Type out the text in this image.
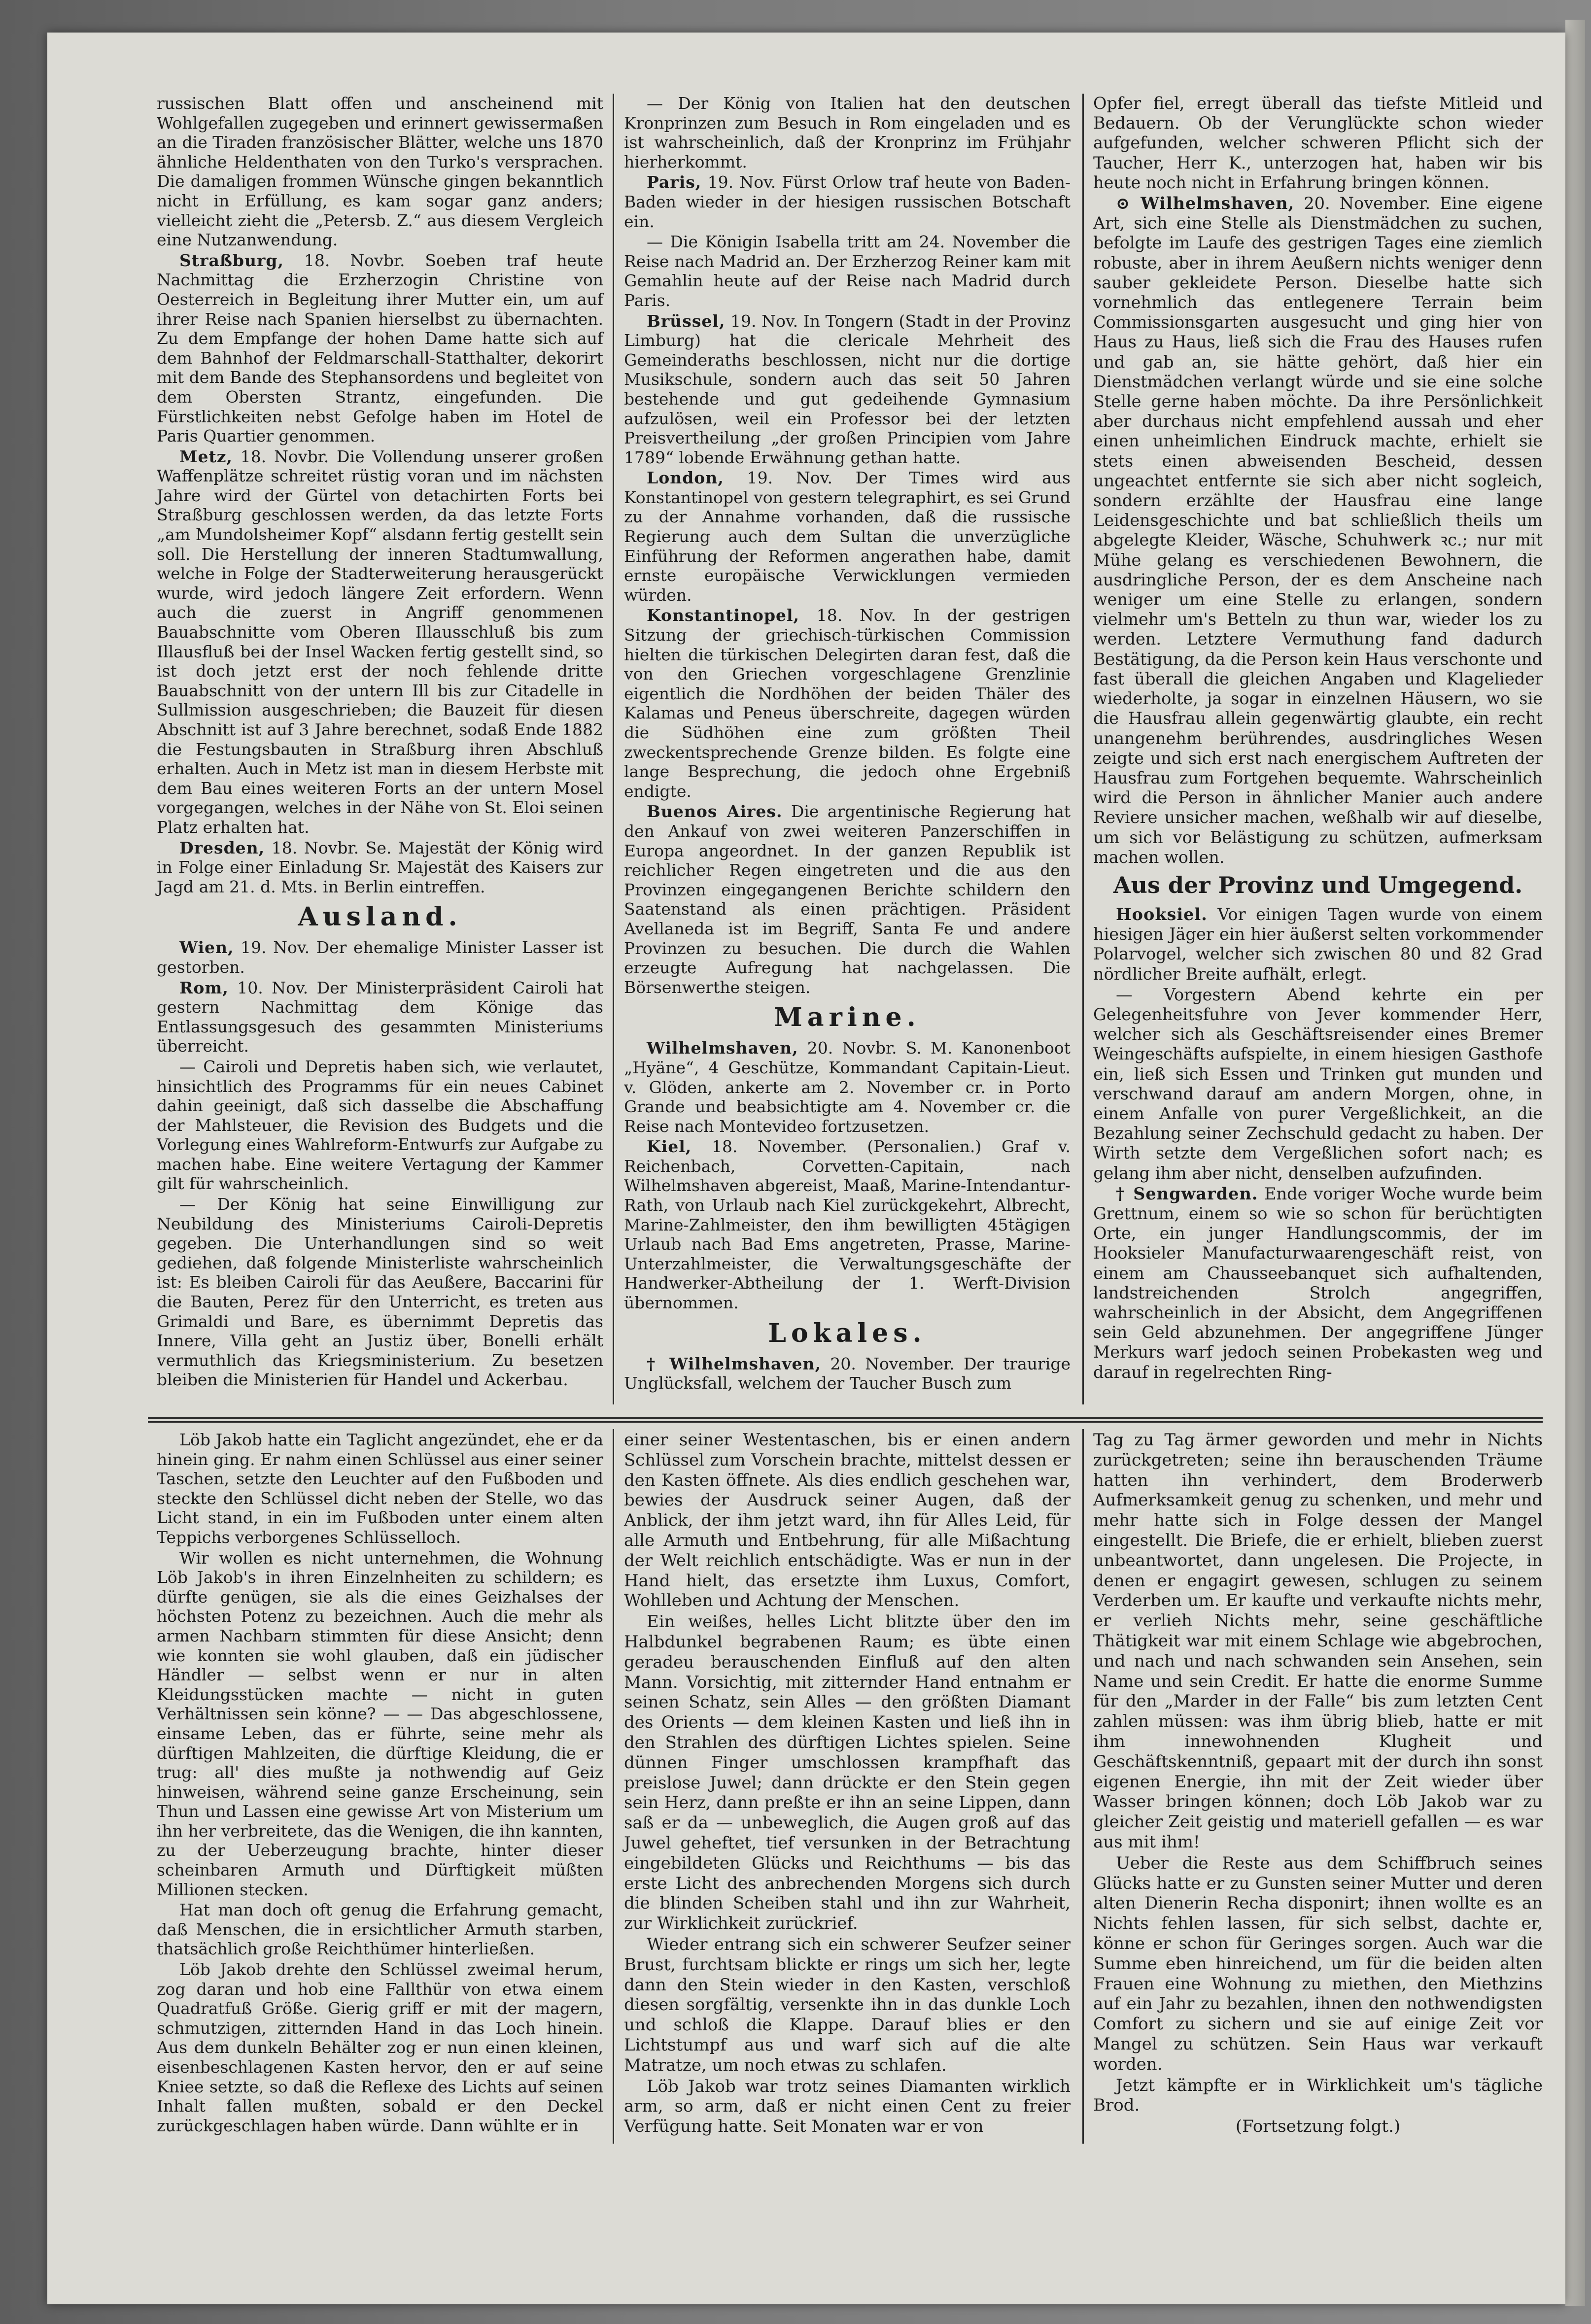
russischen Blatt offen und anscheinend mit Wohlgefallen zugegeben und erinnert gewissermaßen an die Tiraden französischer Blätter, welche uns 1870 ähnliche Heldenthaten von den Turko's versprachen. Die damaligen frommen Wünsche gingen bekanntlich nicht in Erfüllung, es kam sogar ganz anders; vielleicht zieht die „Petersb. Z.“ aus diesem Vergleich eine Nutzanwendung.

Straßburg, 18. Novbr. Soeben traf heute Nachmittag die Erzherzogin Christine von Oesterreich in Begleitung ihrer Mutter ein, um auf ihrer Reise nach Spanien hierselbst zu übernachten. Zu dem Empfange der hohen Dame hatte sich auf dem Bahnhof der Feldmarschall-Statthalter, dekorirt mit dem Bande des Stephansordens und begleitet von dem Obersten Strantz, eingefunden. Die Fürstlichkeiten nebst Gefolge haben im Hotel de Paris Quartier genommen.

Metz, 18. Novbr. Die Vollendung unserer großen Waffenplätze schreitet rüstig voran und im nächsten Jahre wird der Gürtel von detachirten Forts bei Straßburg geschlossen werden, da das letzte Forts „am Mundolsheimer Kopf“ alsdann fertig gestellt sein soll. Die Herstellung der inneren Stadtumwallung, welche in Folge der Stadterweiterung herausgerückt wurde, wird jedoch längere Zeit erfordern. Wenn auch die zuerst in Angriff genommenen Bauabschnitte vom Oberen Illausschluß bis zum Illausfluß bei der Insel Wacken fertig gestellt sind, so ist doch jetzt erst der noch fehlende dritte Bauabschnitt von der untern Ill bis zur Citadelle in Sullmission ausgeschrieben; die Bauzeit für diesen Abschnitt ist auf 3 Jahre berechnet, sodaß Ende 1882 die Festungsbauten in Straßburg ihren Abschluß erhalten. Auch in Metz ist man in diesem Herbste mit dem Bau eines weiteren Forts an der untern Mosel vorgegangen, welches in der Nähe von St. Eloi seinen Platz erhalten hat.

Dresden, 18. Novbr. Se. Majestät der König wird in Folge einer Einladung Sr. Majestät des Kaisers zur Jagd am 21. d. Mts. in Berlin eintreffen.

Ausland.

Wien, 19. Nov. Der ehemalige Minister Lasser ist gestorben.

Rom, 10. Nov. Der Ministerpräsident Cairoli hat gestern Nachmittag dem Könige das Entlassungsgesuch des gesammten Ministeriums überreicht.

— Cairoli und Depretis haben sich, wie verlautet, hinsichtlich des Programms für ein neues Cabinet dahin geeinigt, daß sich dasselbe die Abschaffung der Mahlsteuer, die Revision des Budgets und die Vorlegung eines Wahlreform-Entwurfs zur Aufgabe zu machen habe. Eine weitere Vertagung der Kammer gilt für wahrscheinlich.

— Der König hat seine Einwilligung zur Neubildung des Ministeriums Cairoli-Depretis gegeben. Die Unterhandlungen sind so weit gediehen, daß folgende Ministerliste wahrscheinlich ist: Es bleiben Cairoli für das Aeußere, Baccarini für die Bauten, Perez für den Unterricht, es treten aus Grimaldi und Bare, es übernimmt Depretis das Innere, Villa geht an Justiz über, Bonelli erhält vermuthlich das Kriegsministerium. Zu besetzen bleiben die Ministerien für Handel und Ackerbau.

— Der König von Italien hat den deutschen Kronprinzen zum Besuch in Rom eingeladen und es ist wahrscheinlich, daß der Kronprinz im Frühjahr hierherkommt.

Paris, 19. Nov. Fürst Orlow traf heute von Baden-Baden wieder in der hiesigen russischen Botschaft ein.

— Die Königin Isabella tritt am 24. November die Reise nach Madrid an. Der Erzherzog Reiner kam mit Gemahlin heute auf der Reise nach Madrid durch Paris.

Brüssel, 19. Nov. In Tongern (Stadt in der Provinz Limburg) hat die clericale Mehrheit des Gemeinderaths beschlossen, nicht nur die dortige Musikschule, sondern auch das seit 50 Jahren bestehende und gut gedeihende Gymnasium aufzulösen, weil ein Professor bei der letzten Preisvertheilung „der großen Principien vom Jahre 1789“ lobende Erwähnung gethan hatte.

London, 19. Nov. Der Times wird aus Konstantinopel von gestern telegraphirt, es sei Grund zu der Annahme vorhanden, daß die russische Regierung auch dem Sultan die unverzügliche Einführung der Reformen angerathen habe, damit ernste europäische Verwicklungen vermieden würden.

Konstantinopel, 18. Nov. In der gestrigen Sitzung der griechisch-türkischen Commission hielten die türkischen Delegirten daran fest, daß die von den Griechen vorgeschlagene Grenzlinie eigentlich die Nordhöhen der beiden Thäler des Kalamas und Peneus überschreite, dagegen würden die Südhöhen eine zum größten Theil zweckentsprechende Grenze bilden. Es folgte eine lange Besprechung, die jedoch ohne Ergebniß endigte.

Buenos Aires. Die argentinische Regierung hat den Ankauf von zwei weiteren Panzerschiffen in Europa angeordnet. In der ganzen Republik ist reichlicher Regen eingetreten und die aus den Provinzen eingegangenen Berichte schildern den Saatenstand als einen prächtigen. Präsident Avellaneda ist im Begriff, Santa Fe und andere Provinzen zu besuchen. Die durch die Wahlen erzeugte Aufregung hat nachgelassen. Die Börsenwerthe steigen.

Marine.

Wilhelmshaven, 20. Novbr. S. M. Kanonenboot „Hyäne“, 4 Geschütze, Kommandant Capitain-Lieut. v. Glöden, ankerte am 2. November cr. in Porto Grande und beabsichtigte am 4. November cr. die Reise nach Montevideo fortzusetzen.

Kiel, 18. November. (Personalien.) Graf v. Reichenbach, Corvetten-Capitain, nach Wilhelmshaven abgereist, Maaß, Marine-Intendantur-Rath, von Urlaub nach Kiel zurückgekehrt, Albrecht, Marine-Zahlmeister, den ihm bewilligten 45tägigen Urlaub nach Bad Ems angetreten, Prasse, Marine-Unterzahlmeister, die Verwaltungsgeschäfte der Handwerker-Abtheilung der 1. Werft-Division übernommen.

Lokales.

† Wilhelmshaven, 20. November. Der traurige Unglücksfall, welchem der Taucher Busch zum

Opfer fiel, erregt überall das tiefste Mitleid und Bedauern. Ob der Verunglückte schon wieder aufgefunden, welcher schweren Pflicht sich der Taucher, Herr K., unterzogen hat, haben wir bis heute noch nicht in Erfahrung bringen können.

⊙ Wilhelmshaven, 20. November. Eine eigene Art, sich eine Stelle als Dienstmädchen zu suchen, befolgte im Laufe des gestrigen Tages eine ziemlich robuste, aber in ihrem Aeußern nichts weniger denn sauber gekleidete Person. Dieselbe hatte sich vornehmlich das entlegenere Terrain beim Commissionsgarten ausgesucht und ging hier von Haus zu Haus, ließ sich die Frau des Hauses rufen und gab an, sie hätte gehört, daß hier ein Dienstmädchen verlangt würde und sie eine solche Stelle gerne haben möchte. Da ihre Persönlichkeit aber durchaus nicht empfehlend aussah und eher einen unheimlichen Eindruck machte, erhielt sie stets einen abweisenden Bescheid, dessen ungeachtet entfernte sie sich aber nicht sogleich, sondern erzählte der Hausfrau eine lange Leidensgeschichte und bat schließlich theils um abgelegte Kleider, Wäsche, Schuhwerk ꝛc.; nur mit Mühe gelang es verschiedenen Bewohnern, die ausdringliche Person, der es dem Anscheine nach weniger um eine Stelle zu erlangen, sondern vielmehr um's Betteln zu thun war, wieder los zu werden. Letztere Vermuthung fand dadurch Bestätigung, da die Person kein Haus verschonte und fast überall die gleichen Angaben und Klagelieder wiederholte, ja sogar in einzelnen Häusern, wo sie die Hausfrau allein gegenwärtig glaubte, ein recht unangenehm berührendes, ausdringliches Wesen zeigte und sich erst nach energischem Auftreten der Hausfrau zum Fortgehen bequemte. Wahrscheinlich wird die Person in ähnlicher Manier auch andere Reviere unsicher machen, weßhalb wir auf dieselbe, um sich vor Belästigung zu schützen, aufmerksam machen wollen.

Aus der Provinz und Umgegend.

Hooksiel. Vor einigen Tagen wurde von einem hiesigen Jäger ein hier äußerst selten vorkommender Polarvogel, welcher sich zwischen 80 und 82 Grad nördlicher Breite aufhält, erlegt.

— Vorgestern Abend kehrte ein per Gelegenheitsfuhre von Jever kommender Herr, welcher sich als Geschäftsreisender eines Bremer Weingeschäfts aufspielte, in einem hiesigen Gasthofe ein, ließ sich Essen und Trinken gut munden und verschwand darauf am andern Morgen, ohne, in einem Anfalle von purer Vergeßlichkeit, an die Bezahlung seiner Zechschuld gedacht zu haben. Der Wirth setzte dem Vergeßlichen sofort nach; es gelang ihm aber nicht, denselben aufzufinden.

† Sengwarden. Ende voriger Woche wurde beim Grettnum, einem so wie so schon für berüchtigten Orte, ein junger Handlungscommis, der im Hooksieler Manufacturwaarengeschäft reist, von einem am Chausseebanquet sich aufhaltenden, landstreichenden Strolch angegriffen, wahrscheinlich in der Absicht, dem Angegriffenen sein Geld abzunehmen. Der angegriffene Jünger Merkurs warf jedoch seinen Probekasten weg und darauf in regelrechten Ring-

Löb Jakob hatte ein Taglicht angezündet, ehe er da hinein ging. Er nahm einen Schlüssel aus einer seiner Taschen, setzte den Leuchter auf den Fußboden und steckte den Schlüssel dicht neben der Stelle, wo das Licht stand, in ein im Fußboden unter einem alten Teppichs verborgenes Schlüsselloch.

Wir wollen es nicht unternehmen, die Wohnung Löb Jakob's in ihren Einzelnheiten zu schildern; es dürfte genügen, sie als die eines Geizhalses der höchsten Potenz zu bezeichnen. Auch die mehr als armen Nachbarn stimmten für diese Ansicht; denn wie konnten sie wohl glauben, daß ein jüdischer Händler — selbst wenn er nur in alten Kleidungsstücken machte — nicht in guten Verhältnissen sein könne? — — Das abgeschlossene, einsame Leben, das er führte, seine mehr als dürftigen Mahlzeiten, die dürftige Kleidung, die er trug: all' dies mußte ja nothwendig auf Geiz hinweisen, während seine ganze Erscheinung, sein Thun und Lassen eine gewisse Art von Misterium um ihn her verbreitete, das die Wenigen, die ihn kannten, zu der Ueberzeugung brachte, hinter dieser scheinbaren Armuth und Dürftigkeit müßten Millionen stecken.

Hat man doch oft genug die Erfahrung gemacht, daß Menschen, die in ersichtlicher Armuth starben, thatsächlich große Reichthümer hinterließen.

Löb Jakob drehte den Schlüssel zweimal herum, zog daran und hob eine Fallthür von etwa einem Quadratfuß Größe. Gierig griff er mit der magern, schmutzigen, zitternden Hand in das Loch hinein. Aus dem dunkeln Behälter zog er nun einen kleinen, eisenbeschlagenen Kasten hervor, den er auf seine Kniee setzte, so daß die Reflexe des Lichts auf seinen Inhalt fallen mußten, sobald er den Deckel zurückgeschlagen haben würde. Dann wühlte er in

einer seiner Westentaschen, bis er einen andern Schlüssel zum Vorschein brachte, mittelst dessen er den Kasten öffnete. Als dies endlich geschehen war, bewies der Ausdruck seiner Augen, daß der Anblick, der ihm jetzt ward, ihn für Alles Leid, für alle Armuth und Entbehrung, für alle Mißachtung der Welt reichlich entschädigte. Was er nun in der Hand hielt, das ersetzte ihm Luxus, Comfort, Wohlleben und Achtung der Menschen.

Ein weißes, helles Licht blitzte über den im Halbdunkel begrabenen Raum; es übte einen geradeu berauschenden Einfluß auf den alten Mann. Vorsichtig, mit zitternder Hand entnahm er seinen Schatz, sein Alles — den größten Diamant des Orients — dem kleinen Kasten und ließ ihn in den Strahlen des dürftigen Lichtes spielen. Seine dünnen Finger umschlossen krampfhaft das preislose Juwel; dann drückte er den Stein gegen sein Herz, dann preßte er ihn an seine Lippen, dann saß er da — unbeweglich, die Augen groß auf das Juwel geheftet, tief versunken in der Betrachtung eingebildeten Glücks und Reichthums — bis das erste Licht des anbrechenden Morgens sich durch die blinden Scheiben stahl und ihn zur Wahrheit, zur Wirklichkeit zurückrief.

Wieder entrang sich ein schwerer Seufzer seiner Brust, furchtsam blickte er rings um sich her, legte dann den Stein wieder in den Kasten, verschloß diesen sorgfältig, versenkte ihn in das dunkle Loch und schloß die Klappe. Darauf blies er den Lichtstumpf aus und warf sich auf die alte Matratze, um noch etwas zu schlafen.

Löb Jakob war trotz seines Diamanten wirklich arm, so arm, daß er nicht einen Cent zu freier Verfügung hatte. Seit Monaten war er von

Tag zu Tag ärmer geworden und mehr in Nichts zurückgetreten; seine ihn berauschenden Träume hatten ihn verhindert, dem Broderwerb Aufmerksamkeit genug zu schenken, und mehr und mehr hatte sich in Folge dessen der Mangel eingestellt. Die Briefe, die er erhielt, blieben zuerst unbeantwortet, dann ungelesen. Die Projecte, in denen er engagirt gewesen, schlugen zu seinem Verderben um. Er kaufte und verkaufte nichts mehr, er verlieh Nichts mehr, seine geschäftliche Thätigkeit war mit einem Schlage wie abgebrochen, und nach und nach schwanden sein Ansehen, sein Name und sein Credit. Er hatte die enorme Summe für den „Marder in der Falle“ bis zum letzten Cent zahlen müssen: was ihm übrig blieb, hatte er mit ihm innewohnenden Klugheit und Geschäftskenntniß, gepaart mit der durch ihn sonst eigenen Energie, ihn mit der Zeit wieder über Wasser bringen können; doch Löb Jakob war zu gleicher Zeit geistig und materiell gefallen — es war aus mit ihm!

Ueber die Reste aus dem Schiffbruch seines Glücks hatte er zu Gunsten seiner Mutter und deren alten Dienerin Recha disponirt; ihnen wollte es an Nichts fehlen lassen, für sich selbst, dachte er, könne er schon für Geringes sorgen. Auch war die Summe eben hinreichend, um für die beiden alten Frauen eine Wohnung zu miethen, den Miethzins auf ein Jahr zu bezahlen, ihnen den nothwendigsten Comfort zu sichern und sie auf einige Zeit vor Mangel zu schützen. Sein Haus war verkauft worden.

Jetzt kämpfte er in Wirklichkeit um's tägliche Brod.

(Fortsetzung folgt.)
